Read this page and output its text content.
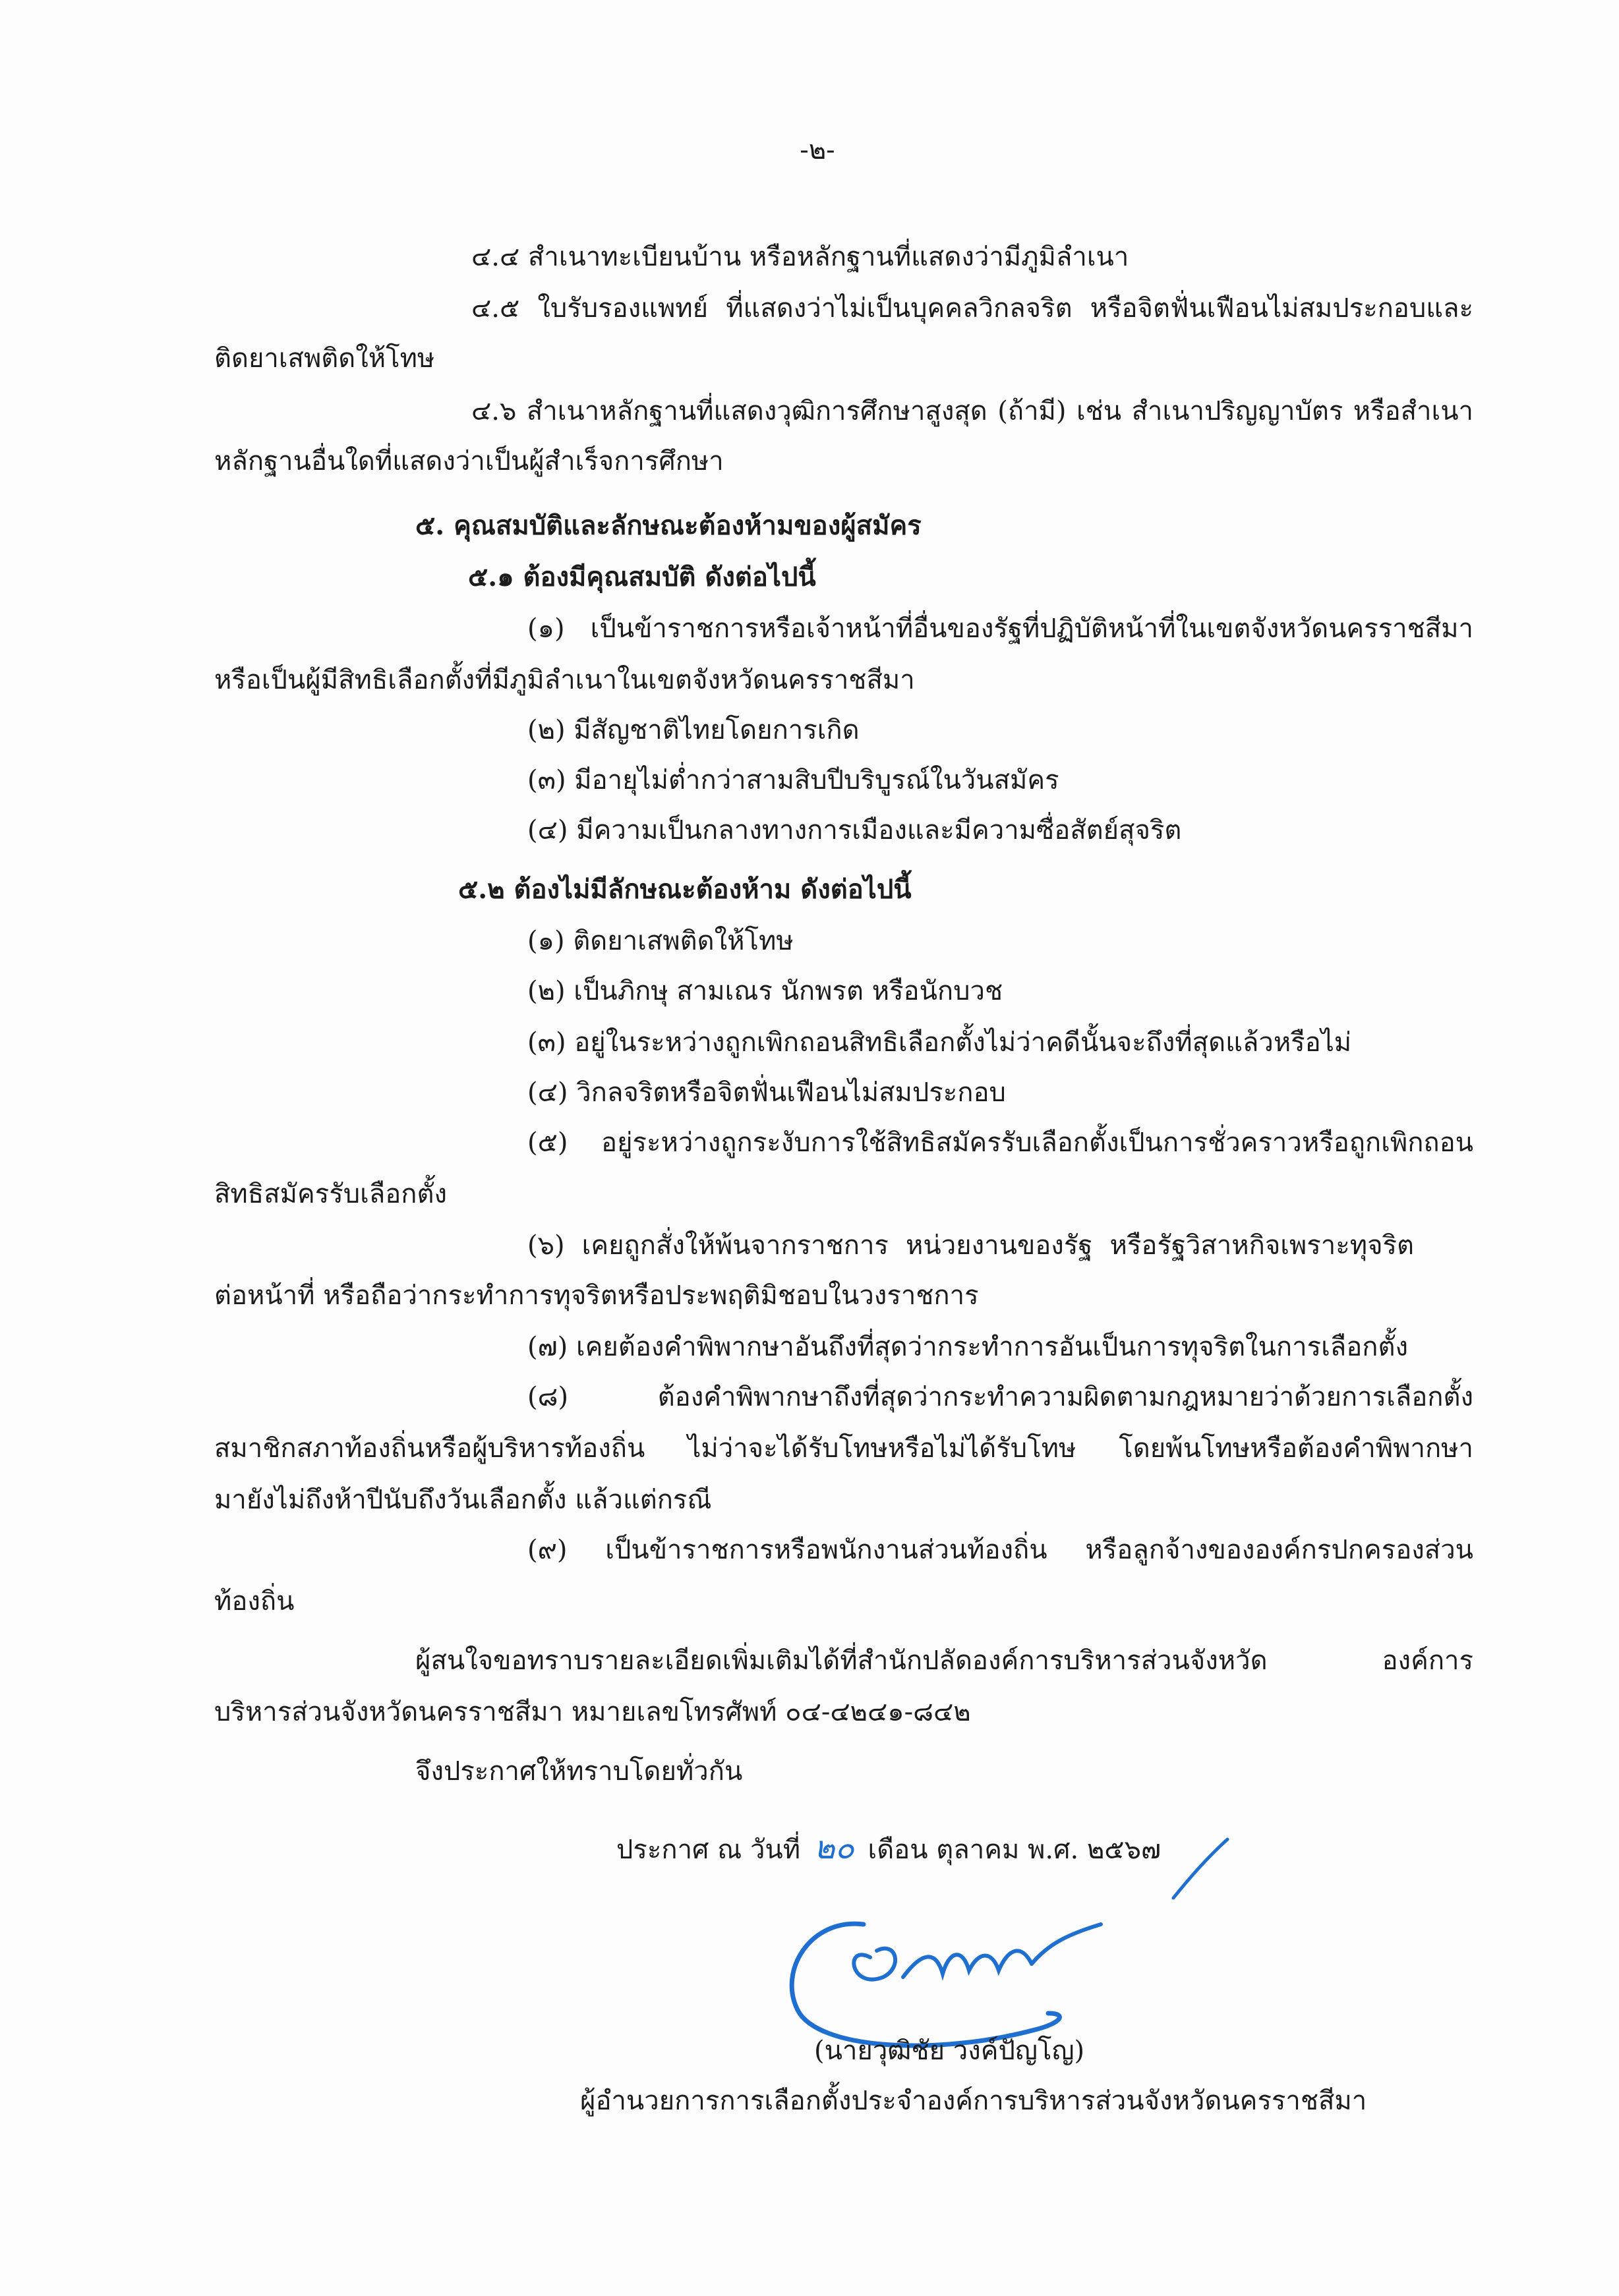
-๒-
๔.๔ สำเนาทะเบียนบ้าน หรือหลักฐานที่แสดงว่ามีภูมิลำเนา
๔.๕ ใบรับรองแพทย์ ที่แสดงว่าไม่เป็นบุคคลวิกลจริต หรือจิตฟั่นเฟือนไม่สมประกอบและ
ติดยาเสพติดให้โทษ
๔.๖ สำเนาหลักฐานที่แสดงวุฒิการศึกษาสูงสุด (ถ้ามี) เช่น สำเนาปริญญาบัตร หรือสำเนา
หลักฐานอื่นใดที่แสดงว่าเป็นผู้สำเร็จการศึกษา
๕. คุณสมบัติและลักษณะต้องห้ามของผู้สมัคร
๕.๑ ต้องมีคุณสมบัติ ดังต่อไปนี้
(๑) เป็นข้าราชการหรือเจ้าหน้าที่อื่นของรัฐที่ปฏิบัติหน้าที่ในเขตจังหวัดนครราชสีมา
หรือเป็นผู้มีสิทธิเลือกตั้งที่มีภูมิลำเนาในเขตจังหวัดนครราชสีมา
(๒) มีสัญชาติไทยโดยการเกิด
(๓) มีอายุไม่ต่ำกว่าสามสิบปีบริบูรณ์ในวันสมัคร
(๔) มีความเป็นกลางทางการเมืองและมีความซื่อสัตย์สุจริต
๕.๒ ต้องไม่มีลักษณะต้องห้าม ดังต่อไปนี้
(๑) ติดยาเสพติดให้โทษ
(๒) เป็นภิกษุ สามเณร นักพรต หรือนักบวช
(๓) อยู่ในระหว่างถูกเพิกถอนสิทธิเลือกตั้งไม่ว่าคดีนั้นจะถึงที่สุดแล้วหรือไม่
(๔) วิกลจริตหรือจิตฟั่นเฟือนไม่สมประกอบ
(๕) อยู่ระหว่างถูกระงับการใช้สิทธิสมัครรับเลือกตั้งเป็นการชั่วคราวหรือถูกเพิกถอน
สิทธิสมัครรับเลือกตั้ง
(๖) เคยถูกสั่งให้พ้นจากราชการ หน่วยงานของรัฐ หรือรัฐวิสาหกิจเพราะทุจริต
ต่อหน้าที่ หรือถือว่ากระทำการทุจริตหรือประพฤติมิชอบในวงราชการ
(๗) เคยต้องคำพิพากษาอันถึงที่สุดว่ากระทำการอันเป็นการทุจริตในการเลือกตั้ง
(๘) ต้องคำพิพากษาถึงที่สุดว่ากระทำความผิดตามกฎหมายว่าด้วยการเลือกตั้ง
สมาชิกสภาท้องถิ่นหรือผู้บริหารท้องถิ่น ไม่ว่าจะได้รับโทษหรือไม่ได้รับโทษ โดยพ้นโทษหรือต้องคำพิพากษา
มายังไม่ถึงห้าปีนับถึงวันเลือกตั้ง แล้วแต่กรณี
(๙) เป็นข้าราชการหรือพนักงานส่วนท้องถิ่น หรือลูกจ้างขององค์กรปกครองส่วน
ท้องถิ่น
ผู้สนใจขอทราบรายละเอียดเพิ่มเติมได้ที่สำนักปลัดองค์การบริหารส่วนจังหวัด องค์การ
บริหารส่วนจังหวัดนครราชสีมา หมายเลขโทรศัพท์ ๐๔-๔๒๔๑-๘๔๒
จึงประกาศให้ทราบโดยทั่วกัน
ประกาศ ณ วันที่ ๒๐ เดือน ตุลาคม พ.ศ. ๒๕๖๗
(นายวุฒิชัย วงค์ปัญโญ)
ผู้อำนวยการการเลือกตั้งประจำองค์การบริหารส่วนจังหวัดนครราชสีมา
